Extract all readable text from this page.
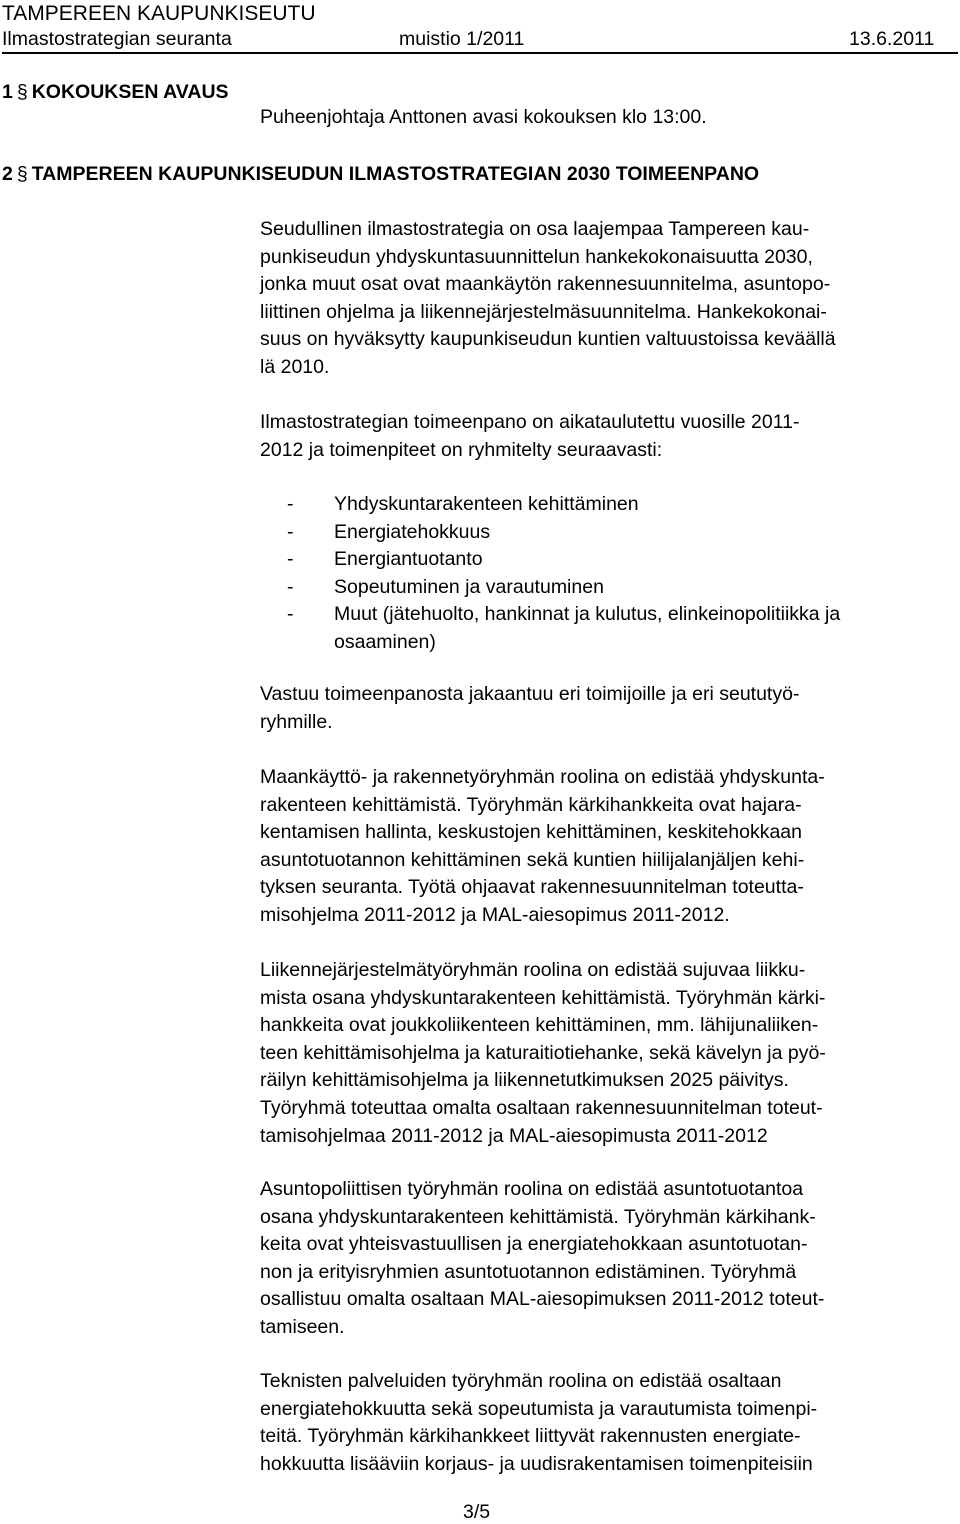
TAMPEREEN KAUPUNKISEUTU
Ilmastostrategian seuranta	muistio 1/2011	13.6.2011
1 § KOKOUKSEN AVAUS
Puheenjohtaja Anttonen avasi kokouksen klo 13:00.
2 § TAMPEREEN KAUPUNKISEUDUN ILMASTOSTRATEGIAN 2030 TOIMEENPANO
Seudullinen ilmastostrategia on osa laajempaa Tampereen kau-
punkiseudun yhdyskuntasuunnittelun hankekokonaisuutta 2030,
jonka muut osat ovat maankäytön rakennesuunnitelma, asuntopo-
liittinen ohjelma ja liikennejärjestelmäsuunnitelma. Hankekokonai-
suus on hyväksytty kaupunkiseudun kuntien valtuustoissa keväällä
lä 2010.
Ilmastostrategian toimeenpano on aikataulutettu vuosille 2011-
2012 ja toimenpiteet on ryhmitelty seuraavasti:
-	Yhdyskuntarakenteen kehittäminen
-	Energiatehokkuus
-	Energiantuotanto
-	Sopeutuminen ja varautuminen
-	Muut (jätehuolto, hankinnat ja kulutus, elinkeinopolitiikka ja
osaaminen)
Vastuu toimeenpanosta jakaantuu eri toimijoille ja eri seututyö-
ryhmille.
Maankäyttö- ja rakennetyöryhmän roolina on edistää yhdyskunta-
rakenteen kehittämistä. Työryhmän kärkihankkeita ovat hajara-
kentamisen hallinta, keskustojen kehittäminen, keskitehokkaan
asuntotuotannon kehittäminen sekä kuntien hiilijalanjäljen kehi-
tyksen seuranta. Työtä ohjaavat rakennesuunnitelman toteutta-
misohjelma 2011-2012 ja MAL-aiesopimus 2011-2012.
Liikennejärjestelmätyöryhmän roolina on edistää sujuvaa liikku-
mista osana yhdyskuntarakenteen kehittämistä. Työryhmän kärki-
hankkeita ovat joukkoliikenteen kehittäminen, mm. lähijunaliiken-
teen kehittämisohjelma ja katuraitiotiehanke, sekä kävelyn ja pyö-
räilyn kehittämisohjelma ja liikennetutkimuksen 2025 päivitys.
Työryhmä toteuttaa omalta osaltaan rakennesuunnitelman toteut-
tamisohjelmaa 2011-2012 ja MAL-aiesopimusta 2011-2012
Asuntopoliittisen työryhmän roolina on edistää asuntotuotantoa
osana yhdyskuntarakenteen kehittämistä. Työryhmän kärkihank-
keita ovat yhteisvastuullisen ja energiatehokkaan asuntotuotan-
non ja erityisryhmien asuntotuotannon edistäminen. Työryhmä
osallistuu omalta osaltaan MAL-aiesopimuksen 2011-2012 toteut-
tamiseen.
Teknisten palveluiden työryhmän roolina on edistää osaltaan
energiatehokkuutta sekä sopeutumista ja varautumista toimenpi-
teitä. Työryhmän kärkihankkeet liittyvät rakennusten energiate-
hokkuutta lisääviin korjaus- ja uudisrakentamisen toimenpiteisiin
3/5
